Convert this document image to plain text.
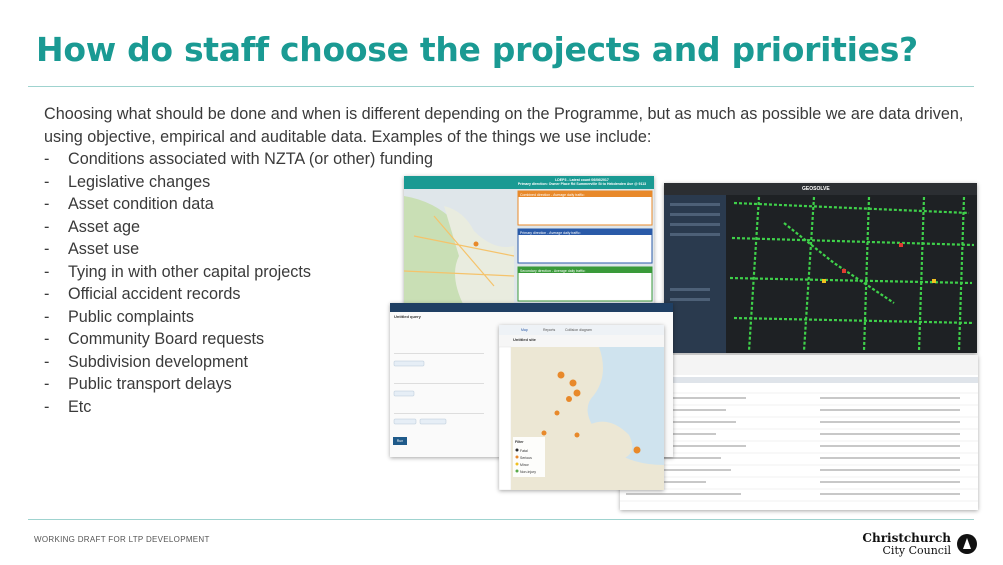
How do staff choose the projects and priorities?

Choosing what should be done and when is different depending on the Programme, but as much as possible we are data driven, using objective, empirical and auditable data. Examples of the things we use include:

- Conditions associated with NZTA (or other) funding
- Legislative changes
- Asset condition data
- Asset age
- Asset use
- Tying in with other capital projects
- Official accident records
- Public complaints
- Community Board requests
- Subdivision development
- Public transport delays
- Etc
LDEP3 - Latest count 06/06/2017
Primary direction: Owner Place Rd Summerville St to Hebdenden Ave @ 9113
Combined direction - Average daily traffic:
Primary direction - Average daily traffic:
Secondary direction - Average daily traffic:
GEOSOLVE
Untitled query
Run
Untitled site
Map	Reports	Collision diagram
Filter
Fatal
Serious
Minor
Non-injury
WORKING DRAFT FOR LTP DEVELOPMENT	Christchurch
City Council
